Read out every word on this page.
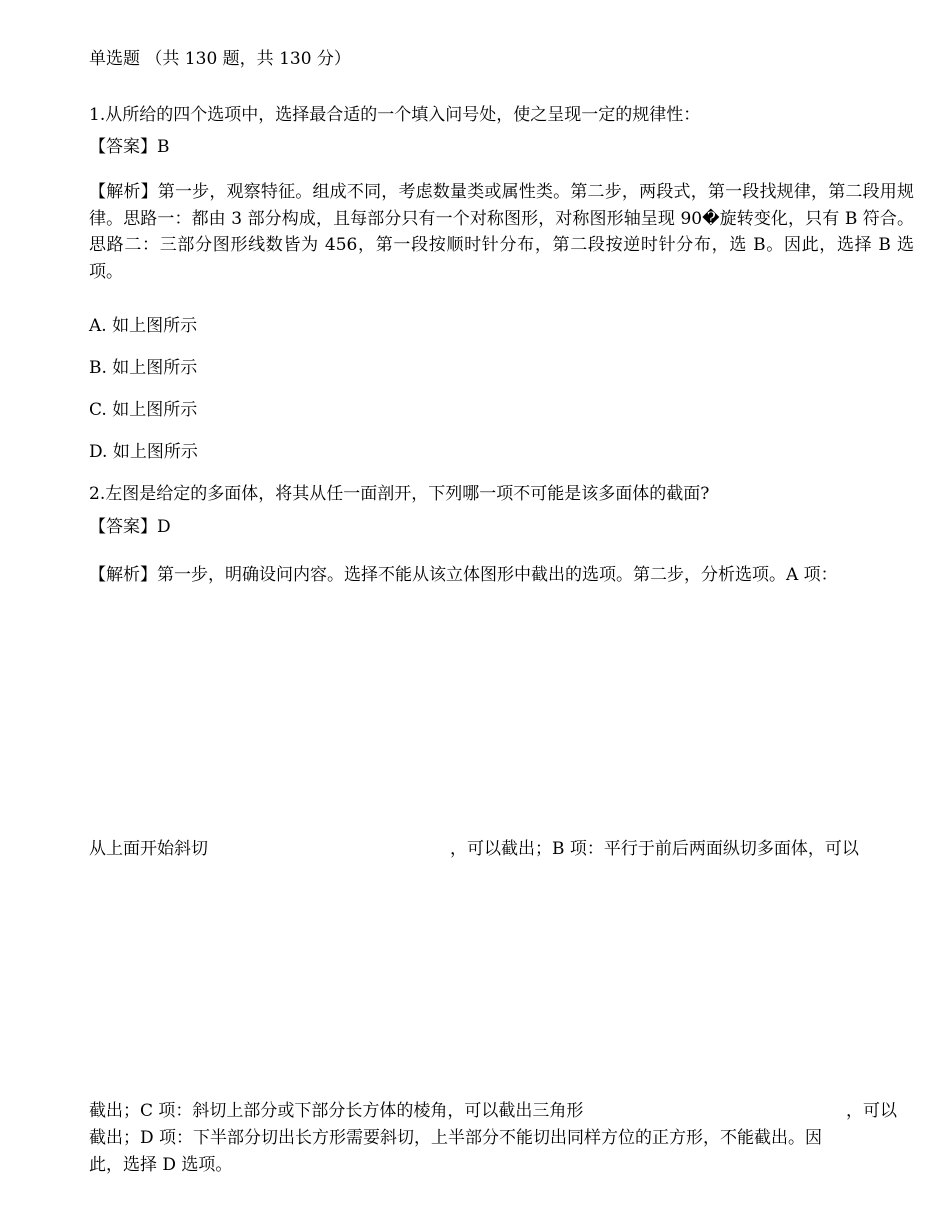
单选题 （共 130 题，共 130 分）
1.从所给的四个选项中，选择最合适的一个填入问号处，使之呈现一定的规律性：
【答案】B
【解析】第一步，观察特征。组成不同，考虑数量类或属性类。第二步，两段式，第一段找规律，第二段用规律。思路一：都由 3 部分构成，且每部分只有一个对称图形，对称图形轴呈现 90�旋转变化，只有 B 符合。思路二：三部分图形线数皆为 456，第一段按顺时针分布，第二段按逆时针分布，选 B。因此，选择 B 选项。
A. 如上图所示
B. 如上图所示
C. 如上图所示
D. 如上图所示
2.左图是给定的多面体，将其从任一面剖开，下列哪一项不可能是该多面体的截面?
【答案】D
【解析】第一步，明确设问内容。选择不能从该立体图形中截出的选项。第二步，分析选项。A 项：
从上面开始斜切	，可以截出；B 项：平行于前后两面纵切多面体，可以
截出；C 项：斜切上部分或下部分长方体的棱角，可以截出三角形	，可以
截出；D 项：下半部分切出长方形需要斜切，上半部分不能切出同样方位的正方形，不能截出。因
此，选择 D 选项。
